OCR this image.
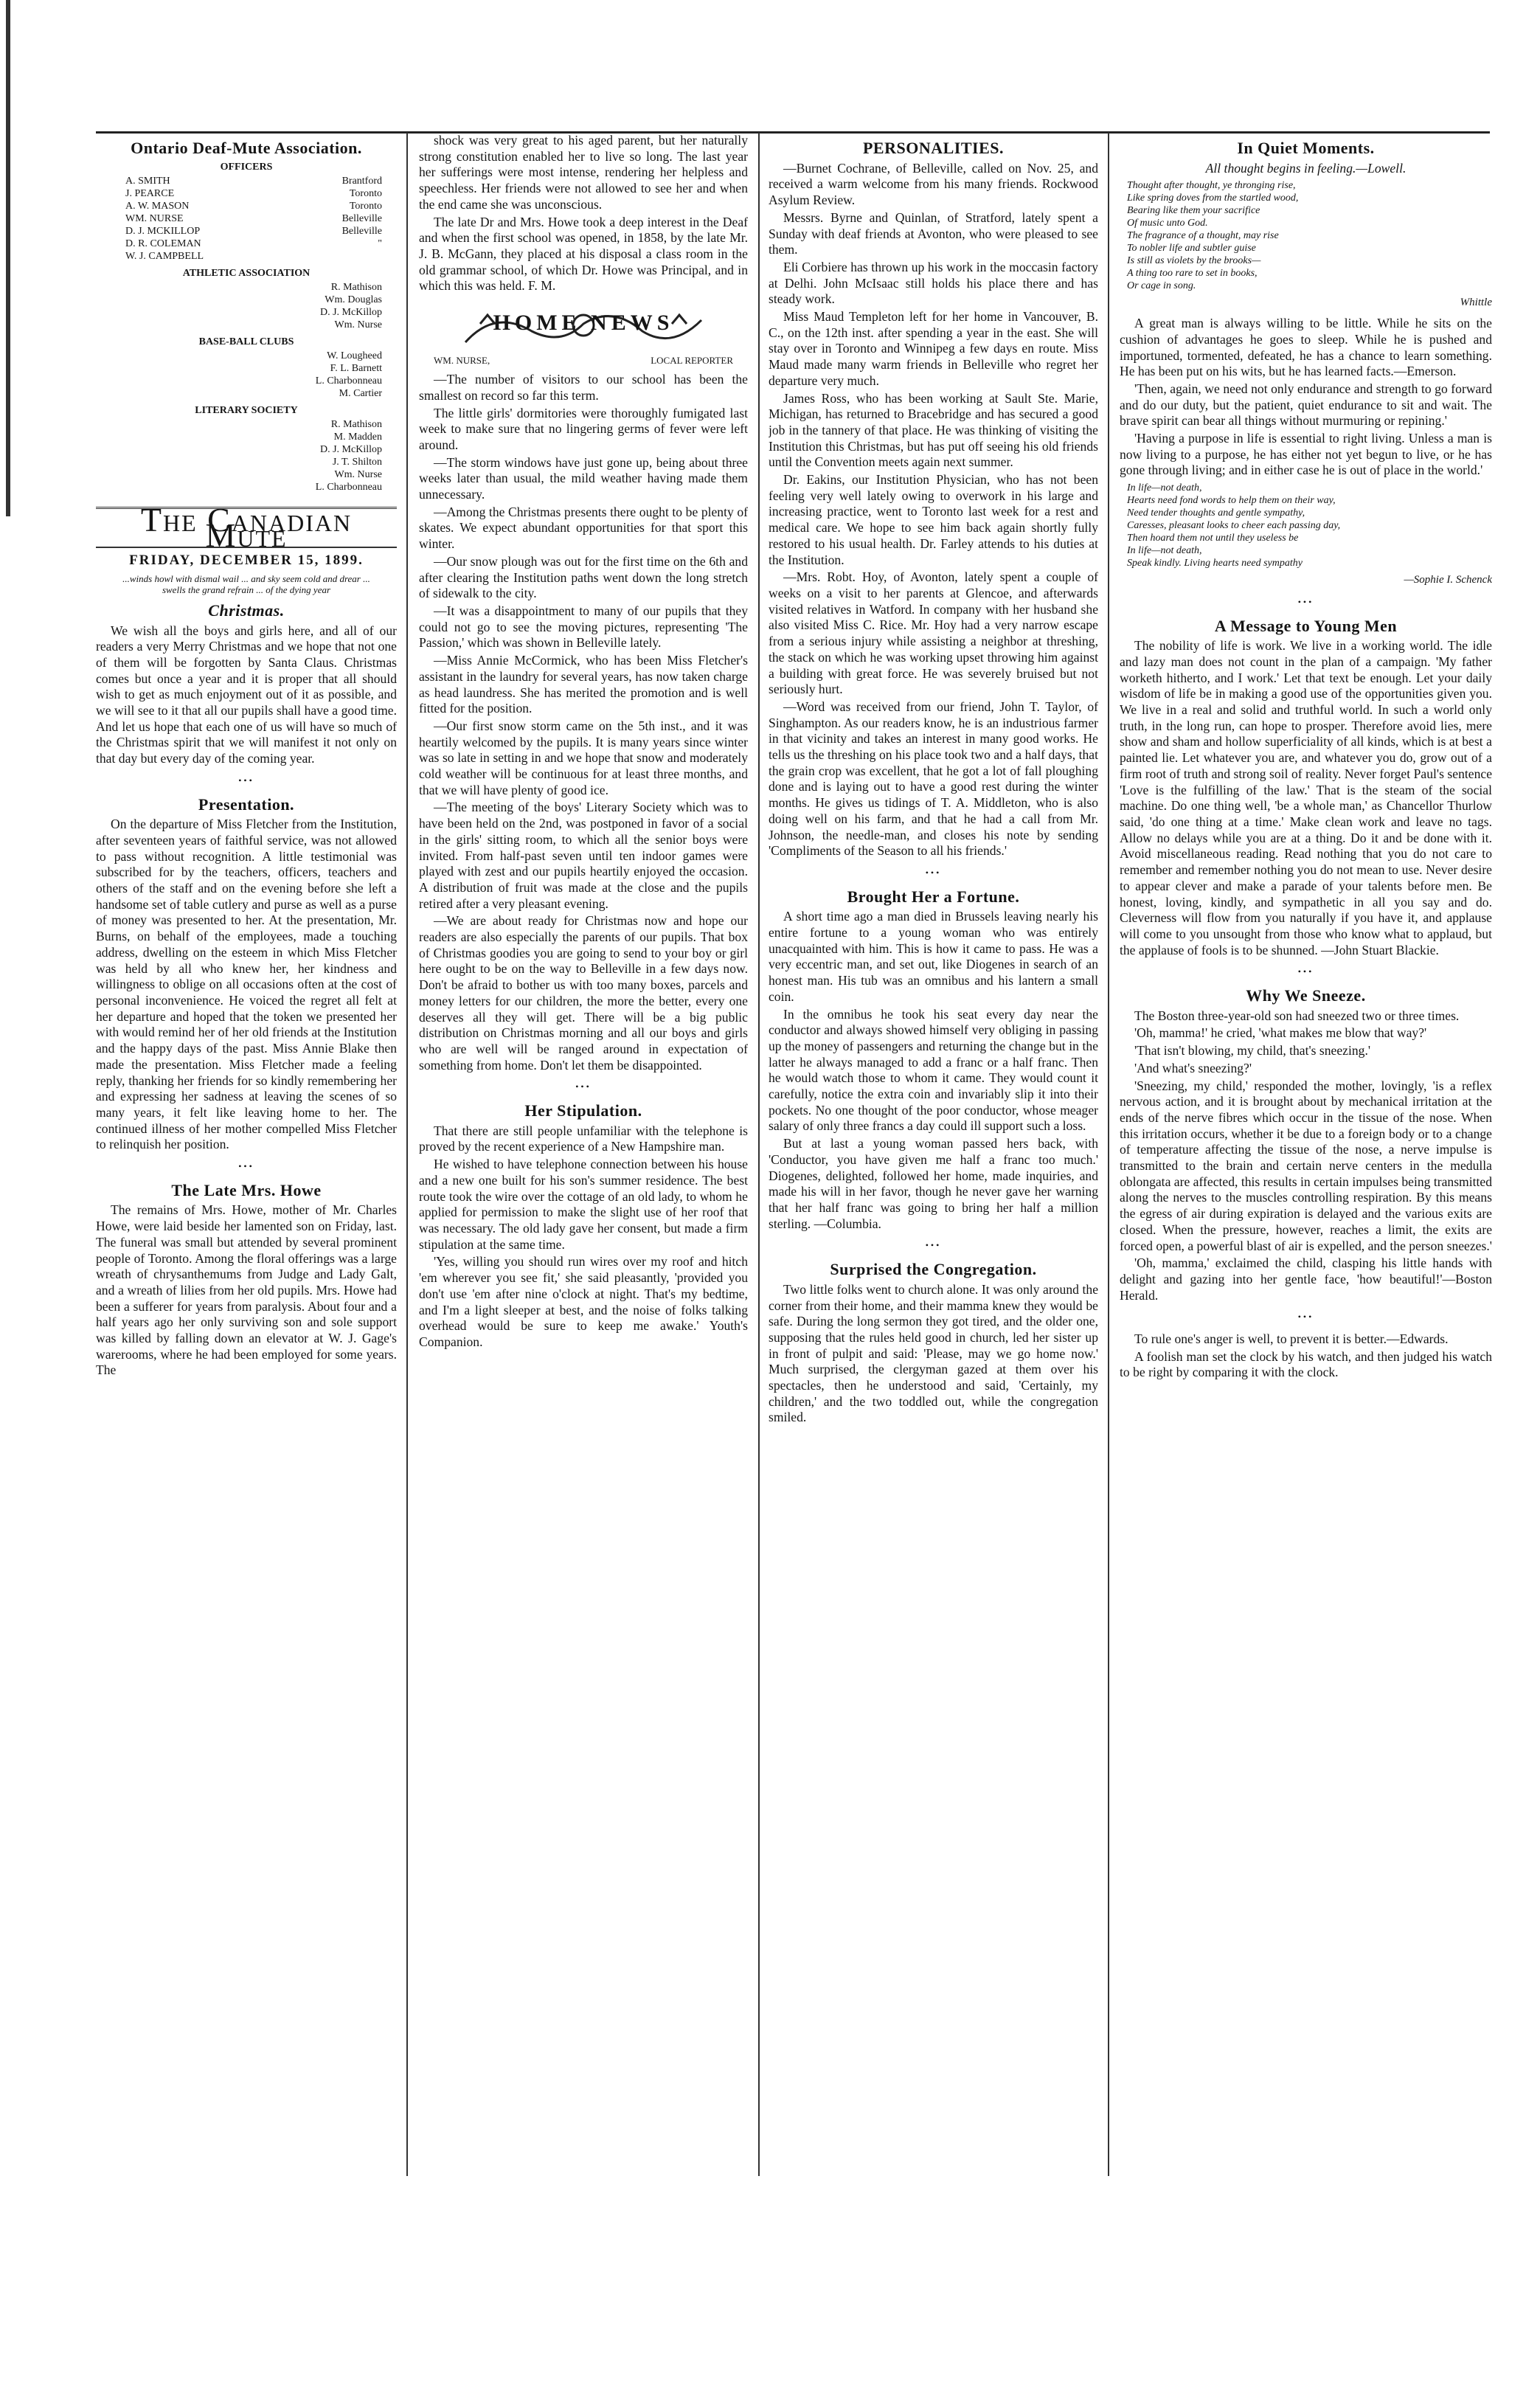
Ontario Deaf-Mute Association.
OFFICERS
A. SMITH	Brantford
J. PEARCE	Toronto
A. W. MASON	Toronto
WM. NURSE	Belleville
D. J. MCKILLOP	Belleville
D. R. COLEMAN	"
W. J. CAMPBELL
ATHLETIC ASSOCIATION
R. Mathison
Wm. Douglas
D. J. McKillop
Wm. Nurse
BASE-BALL CLUBS
W. Lougheed
F. L. Barnett
L. Charbonneau
M. Cartier
LITERARY SOCIETY
R. Mathison
M. Madden
D. J. McKillop
J. T. Shilton
Wm. Nurse
L. Charbonneau
The Canadian Mute
FRIDAY, DECEMBER 15, 1899.
...winds howl with dismal wail ... and sky seem cold and drear ... swells the grand refrain ... of the dying year
Christmas.

We wish all the boys and girls here, and all of our readers a very Merry Christmas and we hope that not one of them will be forgotten by Santa Claus. Christmas comes but once a year and it is proper that all should wish to get as much enjoyment out of it as possible, and we will see to it that all our pupils shall have a good time. And let us hope that each one of us will have so much of the Christmas spirit that we will manifest it not only on that day but every day of the coming year.

•••
Presentation.

On the departure of Miss Fletcher from the Institution, after seventeen years of faithful service, was not allowed to pass without recognition. A little testimonial was subscribed for by the teachers, officers, teachers and others of the staff and on the evening before she left a handsome set of table cutlery and purse as well as a purse of money was presented to her. At the presentation, Mr. Burns, on behalf of the employees, made a touching address, dwelling on the esteem in which Miss Fletcher was held by all who knew her, her kindness and willingness to oblige on all occasions often at the cost of personal inconvenience. He voiced the regret all felt at her departure and hoped that the token we presented her with would remind her of her old friends at the Institution and the happy days of the past. Miss Annie Blake then made the presentation. Miss Fletcher made a feeling reply, thanking her friends for so kindly remembering her and expressing her sadness at leaving the scenes of so many years, it felt like leaving home to her. The continued illness of her mother compelled Miss Fletcher to relinquish her position.

•••
The Late Mrs. Howe

The remains of Mrs. Howe, mother of Mr. Charles Howe, were laid beside her lamented son on Friday, last. The funeral was small but attended by several prominent people of Toronto. Among the floral offerings was a large wreath of chrysanthemums from Judge and Lady Galt, and a wreath of lilies from her old pupils. Mrs. Howe had been a sufferer for years from paralysis. About four and a half years ago her only surviving son and sole support was killed by falling down an elevator at W. J. Gage's warerooms, where he had been employed for some years. The

shock was very great to his aged parent, but her naturally strong constitution enabled her to live so long. The last year her sufferings were most intense, rendering her helpless and speechless. Her friends were not allowed to see her and when the end came she was unconscious.

The late Dr and Mrs. Howe took a deep interest in the Deaf and when the first school was opened, in 1858, by the late Mr. J. B. McGann, they placed at his disposal a class room in the old grammar school, of which Dr. Howe was Principal, and in which this was held. F. M.

HOME NEWS
WM. NURSE,	LOCAL REPORTER

—The number of visitors to our school has been the smallest on record so far this term.

The little girls' dormitories were thoroughly fumigated last week to make sure that no lingering germs of fever were left around.

—The storm windows have just gone up, being about three weeks later than usual, the mild weather having made them unnecessary.

—Among the Christmas presents there ought to be plenty of skates. We expect abundant opportunities for that sport this winter.

—Our snow plough was out for the first time on the 6th and after clearing the Institution paths went down the long stretch of sidewalk to the city.

—It was a disappointment to many of our pupils that they could not go to see the moving pictures, representing 'The Passion,' which was shown in Belleville lately.

—Miss Annie McCormick, who has been Miss Fletcher's assistant in the laundry for several years, has now taken charge as head laundress. She has merited the promotion and is well fitted for the position.

—Our first snow storm came on the 5th inst., and it was heartily welcomed by the pupils. It is many years since winter was so late in setting in and we hope that snow and moderately cold weather will be continuous for at least three months, and that we will have plenty of good ice.

—The meeting of the boys' Literary Society which was to have been held on the 2nd, was postponed in favor of a social in the girls' sitting room, to which all the senior boys were invited. From half-past seven until ten indoor games were played with zest and our pupils heartily enjoyed the occasion. A distribution of fruit was made at the close and the pupils retired after a very pleasant evening.

—We are about ready for Christmas now and hope our readers are also especially the parents of our pupils. That box of Christmas goodies you are going to send to your boy or girl here ought to be on the way to Belleville in a few days now. Don't be afraid to bother us with too many boxes, parcels and money letters for our children, the more the better, every one deserves all they will get. There will be a big public distribution on Christmas morning and all our boys and girls who are well will be ranged around in expectation of something from home. Don't let them be disappointed.

•••
Her Stipulation.

That there are still people unfamiliar with the telephone is proved by the recent experience of a New Hampshire man.

He wished to have telephone connection between his house and a new one built for his son's summer residence. The best route took the wire over the cottage of an old lady, to whom he applied for permission to make the slight use of her roof that was necessary. The old lady gave her consent, but made a firm stipulation at the same time.

'Yes, willing you should run wires over my roof and hitch 'em wherever you see fit,' she said pleasantly, 'provided you don't use 'em after nine o'clock at night. That's my bedtime, and I'm a light sleeper at best, and the noise of folks talking overhead would be sure to keep me awake.' Youth's Companion.

PERSONALITIES.

—Burnet Cochrane, of Belleville, called on Nov. 25, and received a warm welcome from his many friends. Rockwood Asylum Review.

Messrs. Byrne and Quinlan, of Stratford, lately spent a Sunday with deaf friends at Avonton, who were pleased to see them.

Eli Corbiere has thrown up his work in the moccasin factory at Delhi. John McIsaac still holds his place there and has steady work.

Miss Maud Templeton left for her home in Vancouver, B. C., on the 12th inst. after spending a year in the east. She will stay over in Toronto and Winnipeg a few days en route. Miss Maud made many warm friends in Belleville who regret her departure very much.

James Ross, who has been working at Sault Ste. Marie, Michigan, has returned to Bracebridge and has secured a good job in the tannery of that place. He was thinking of visiting the Institution this Christmas, but has put off seeing his old friends until the Convention meets again next summer.

Dr. Eakins, our Institution Physician, who has not been feeling very well lately owing to overwork in his large and increasing practice, went to Toronto last week for a rest and medical care. We hope to see him back again shortly fully restored to his usual health. Dr. Farley attends to his duties at the Institution.

—Mrs. Robt. Hoy, of Avonton, lately spent a couple of weeks on a visit to her parents at Glencoe, and afterwards visited relatives in Watford. In company with her husband she also visited Miss C. Rice. Mr. Hoy had a very narrow escape from a serious injury while assisting a neighbor at threshing, the stack on which he was working upset throwing him against a building with great force. He was severely bruised but not seriously hurt.

—Word was received from our friend, John T. Taylor, of Singhampton. As our readers know, he is an industrious farmer in that vicinity and takes an interest in many good works. He tells us the threshing on his place took two and a half days, that the grain crop was excellent, that he got a lot of fall ploughing done and is laying out to have a good rest during the winter months. He gives us tidings of T. A. Middleton, who is also doing well on his farm, and that he had a call from Mr. Johnson, the needle-man, and closes his note by sending 'Compliments of the Season to all his friends.'

•••
Brought Her a Fortune.

A short time ago a man died in Brussels leaving nearly his entire fortune to a young woman who was entirely unacquainted with him. This is how it came to pass. He was a very eccentric man, and set out, like Diogenes in search of an honest man. His tub was an omnibus and his lantern a small coin.

In the omnibus he took his seat every day near the conductor and always showed himself very obliging in passing up the money of passengers and returning the change but in the latter he always managed to add a franc or a half franc. Then he would watch those to whom it came. They would count it carefully, notice the extra coin and invariably slip it into their pockets. No one thought of the poor conductor, whose meager salary of only three francs a day could ill support such a loss.

But at last a young woman passed hers back, with 'Conductor, you have given me half a franc too much.' Diogenes, delighted, followed her home, made inquiries, and made his will in her favor, though he never gave her warning that her half franc was going to bring her half a million sterling. —Columbia.

•••
Surprised the Congregation.

Two little folks went to church alone. It was only around the corner from their home, and their mamma knew they would be safe. During the long sermon they got tired, and the older one, supposing that the rules held good in church, led her sister up in front of pulpit and said: 'Please, may we go home now.' Much surprised, the clergyman gazed at them over his spectacles, then he understood and said, 'Certainly, my children,' and the two toddled out, while the congregation smiled.

In Quiet Moments.
All thought begins in feeling.—Lowell.
Thought after thought, ye thronging rise,
Like spring doves from the startled wood,
Bearing like them your sacrifice
Of music unto God.
The fragrance of a thought, may rise
To nobler life and subtler guise
Is still as violets by the brooks—
A thing too rare to set in books,
Or cage in song.
Whittle

A great man is always willing to be little. While he sits on the cushion of advantages he goes to sleep. While he is pushed and importuned, tormented, defeated, he has a chance to learn something. He has been put on his wits, but he has learned facts.—Emerson.

'Then, again, we need not only endurance and strength to go forward and do our duty, but the patient, quiet endurance to sit and wait. The brave spirit can bear all things without murmuring or repining.'

'Having a purpose in life is essential to right living. Unless a man is now living to a purpose, he has either not yet begun to live, or he has gone through living; and in either case he is out of place in the world.'

In life—not death,
Hearts need fond words to help them on their way,
Need tender thoughts and gentle sympathy,
Caresses, pleasant looks to cheer each passing day,
Then hoard them not until they useless be
In life—not death,
Speak kindly. Living hearts need sympathy
—Sophie I. Schenck
•••
A Message to Young Men

The nobility of life is work. We live in a working world. The idle and lazy man does not count in the plan of a campaign. 'My father worketh hitherto, and I work.' Let that text be enough. Let your daily wisdom of life be in making a good use of the opportunities given you. We live in a real and solid and truthful world. In such a world only truth, in the long run, can hope to prosper. Therefore avoid lies, mere show and sham and hollow superficiality of all kinds, which is at best a painted lie. Let whatever you are, and whatever you do, grow out of a firm root of truth and strong soil of reality. Never forget Paul's sentence 'Love is the fulfilling of the law.' That is the steam of the social machine. Do one thing well, 'be a whole man,' as Chancellor Thurlow said, 'do one thing at a time.' Make clean work and leave no tags. Allow no delays while you are at a thing. Do it and be done with it. Avoid miscellaneous reading. Read nothing that you do not care to remember and remember nothing you do not mean to use. Never desire to appear clever and make a parade of your talents before men. Be honest, loving, kindly, and sympathetic in all you say and do. Cleverness will flow from you naturally if you have it, and applause will come to you unsought from those who know what to applaud, but the applause of fools is to be shunned. —John Stuart Blackie.

•••
Why We Sneeze.

The Boston three-year-old son had sneezed two or three times.

'Oh, mamma!' he cried, 'what makes me blow that way?'

'That isn't blowing, my child, that's sneezing.'

'And what's sneezing?'

'Sneezing, my child,' responded the mother, lovingly, 'is a reflex nervous action, and it is brought about by mechanical irritation at the ends of the nerve fibres which occur in the tissue of the nose. When this irritation occurs, whether it be due to a foreign body or to a change of temperature affecting the tissue of the nose, a nerve impulse is transmitted to the brain and certain nerve centers in the medulla oblongata are affected, this results in certain impulses being transmitted along the nerves to the muscles controlling respiration. By this means the egress of air during expiration is delayed and the various exits are closed. When the pressure, however, reaches a limit, the exits are forced open, a powerful blast of air is expelled, and the person sneezes.'

'Oh, mamma,' exclaimed the child, clasping his little hands with delight and gazing into her gentle face, 'how beautiful!'—Boston Herald.

•••

To rule one's anger is well, to prevent it is better.—Edwards.

A foolish man set the clock by his watch, and then judged his watch to be right by comparing it with the clock.
